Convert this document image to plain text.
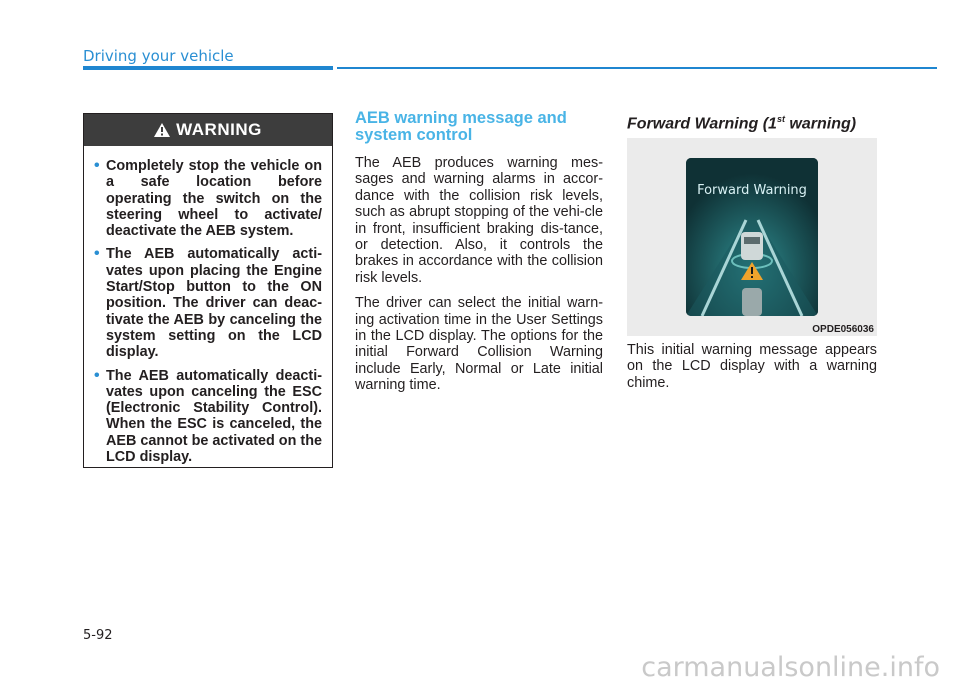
Driving your vehicle
WARNING
• Completely stop the vehicle on a safe location before operating the switch on the steering wheel to activate/ deactivate the AEB system.
• The AEB automatically acti-vates upon placing the Engine Start/Stop button to the ON position. The driver can deac-tivate the AEB by canceling the system setting on the LCD display.
• The AEB automatically deacti-vates upon canceling the ESC (Electronic Stability Control). When the ESC is canceled, the AEB cannot be activated on the LCD display.
AEB warning message and system control

The AEB produces warning mes-sages and warning alarms in accor-dance with the collision risk levels, such as abrupt stopping of the vehi-cle in front, insufficient braking dis-tance, or detection. Also, it controls the brakes in accordance with the collision risk levels.

The driver can select the initial warn-ing activation time in the User Settings in the LCD display. The options for the initial Forward Collision Warning include Early, Normal or Late initial warning time.

Forward Warning (1st warning)
Forward Warning
OPDE056036
This initial warning message appears on the LCD display with a warning chime.
5-92
carmanualsonline.info
